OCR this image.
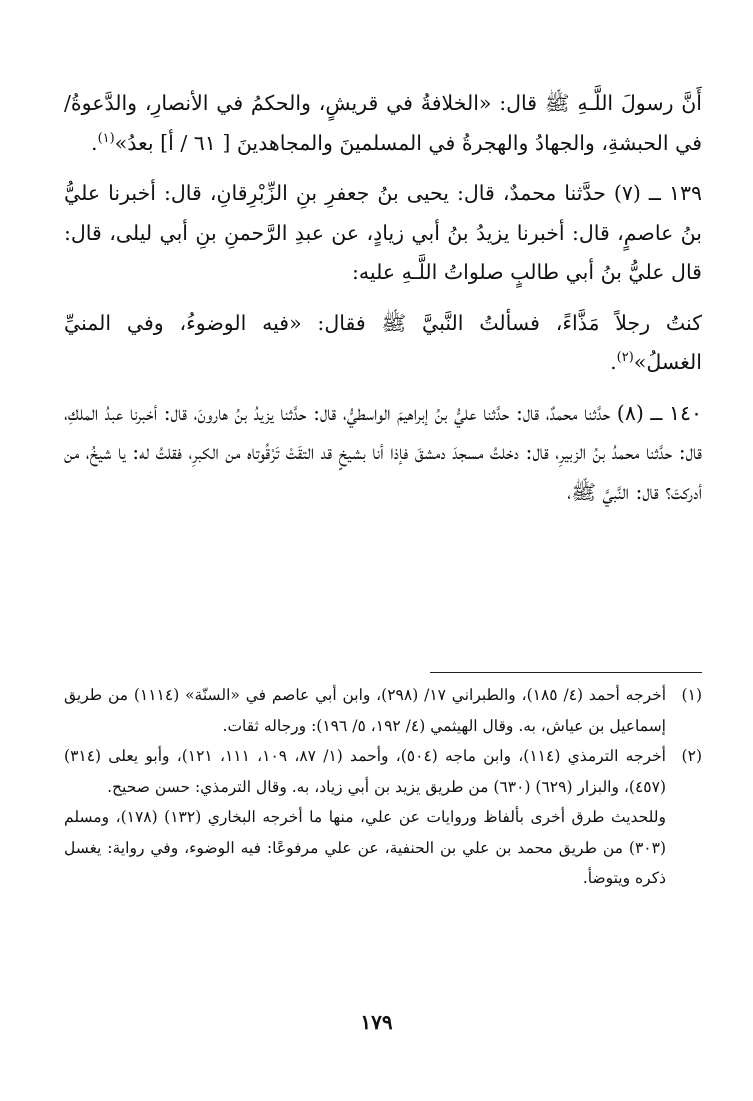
أَنَّ رسولَ اللَّـهِ ﷺ قال: «الخلافةُ في قريشٍ، والحكمُ في الأنصارِ، والدَّعوةُ/ في الحبشةِ، والجهادُ والهجرةُ في المسلمينَ والمجاهدينَ [ ٦١ / أ] بعدُ»$^{(١)}$.

١٣٩ ــ (٧) حدَّثنا محمدٌ، قال: يحيى بنُ جعفرِ بنِ الزِّبْرِقانِ، قال: أخبرنا عليُّ بنُ عاصمٍ، قال: أخبرنا يزيدُ بنُ أبي زيادٍ، عن عبدِ الرَّحمنِ بنِ أبي ليلى، قال: قال عليُّ بنُ أبي طالبٍ صلواتُ اللَّـهِ عليه:

كنتُ رجلاً مَذَّاءً، فسألتُ النَّبيَّ ﷺ فقال: «فيه الوضوءُ، وفي المنيِّ الغسلُ»$^{(٢)}$.

١٤٠ ــ (٨) حدَّثنا محمدٌ، قال: حدَّثنا عليُّ بنُ إبراهيمَ الواسطيُّ، قال: حدَّثنا يزيدُ بنُ هارونَ، قال: أخبرنا عبدُ الملكِ، قال: حدَّثنا محمدُ بنُ الزبيرِ، قال: دخلتُ مسجدَ دمشقَ فإذا أنا بشيخٍ قد التقَتْ تَرْقُوتاه من الكبرِ، فقلتُ له: يا شيخُ، من أدركتَ؟ قال: النَّبيَّ ﷺ،

(١)

أخرجه أحمد (٤/ ١٨٥)، والطبراني ١٧/ (٢٩٨)، وابن أبي عاصم في «السنّة» (١١١٤) من طريق إسماعيل بن عياش، به. وقال الهيثمي (٤/ ١٩٢، ٥/ ١٩٦): ورجاله ثقات.

(٢)

أخرجه الترمذي (١١٤)، وابن ماجه (٥٠٤)، وأحمد (١/ ٨٧، ١٠٩، ١١١، ١٢١)، وأبو يعلى (٣١٤) (٤٥٧)، والبزار (٦٢٩) (٦٣٠) من طريق يزيد بن أبي زياد، به. وقال الترمذي: حسن صحيح.

وللحديث طرق أخرى بألفاظ وروايات عن علي، منها ما أخرجه البخاري (١٣٢) (١٧٨)، ومسلم (٣٠٣) من طريق محمد بن علي بن الحنفية، عن علي مرفوعًا: فيه الوضوء، وفي رواية: يغسل ذكره ويتوضأ.

١٧٩
